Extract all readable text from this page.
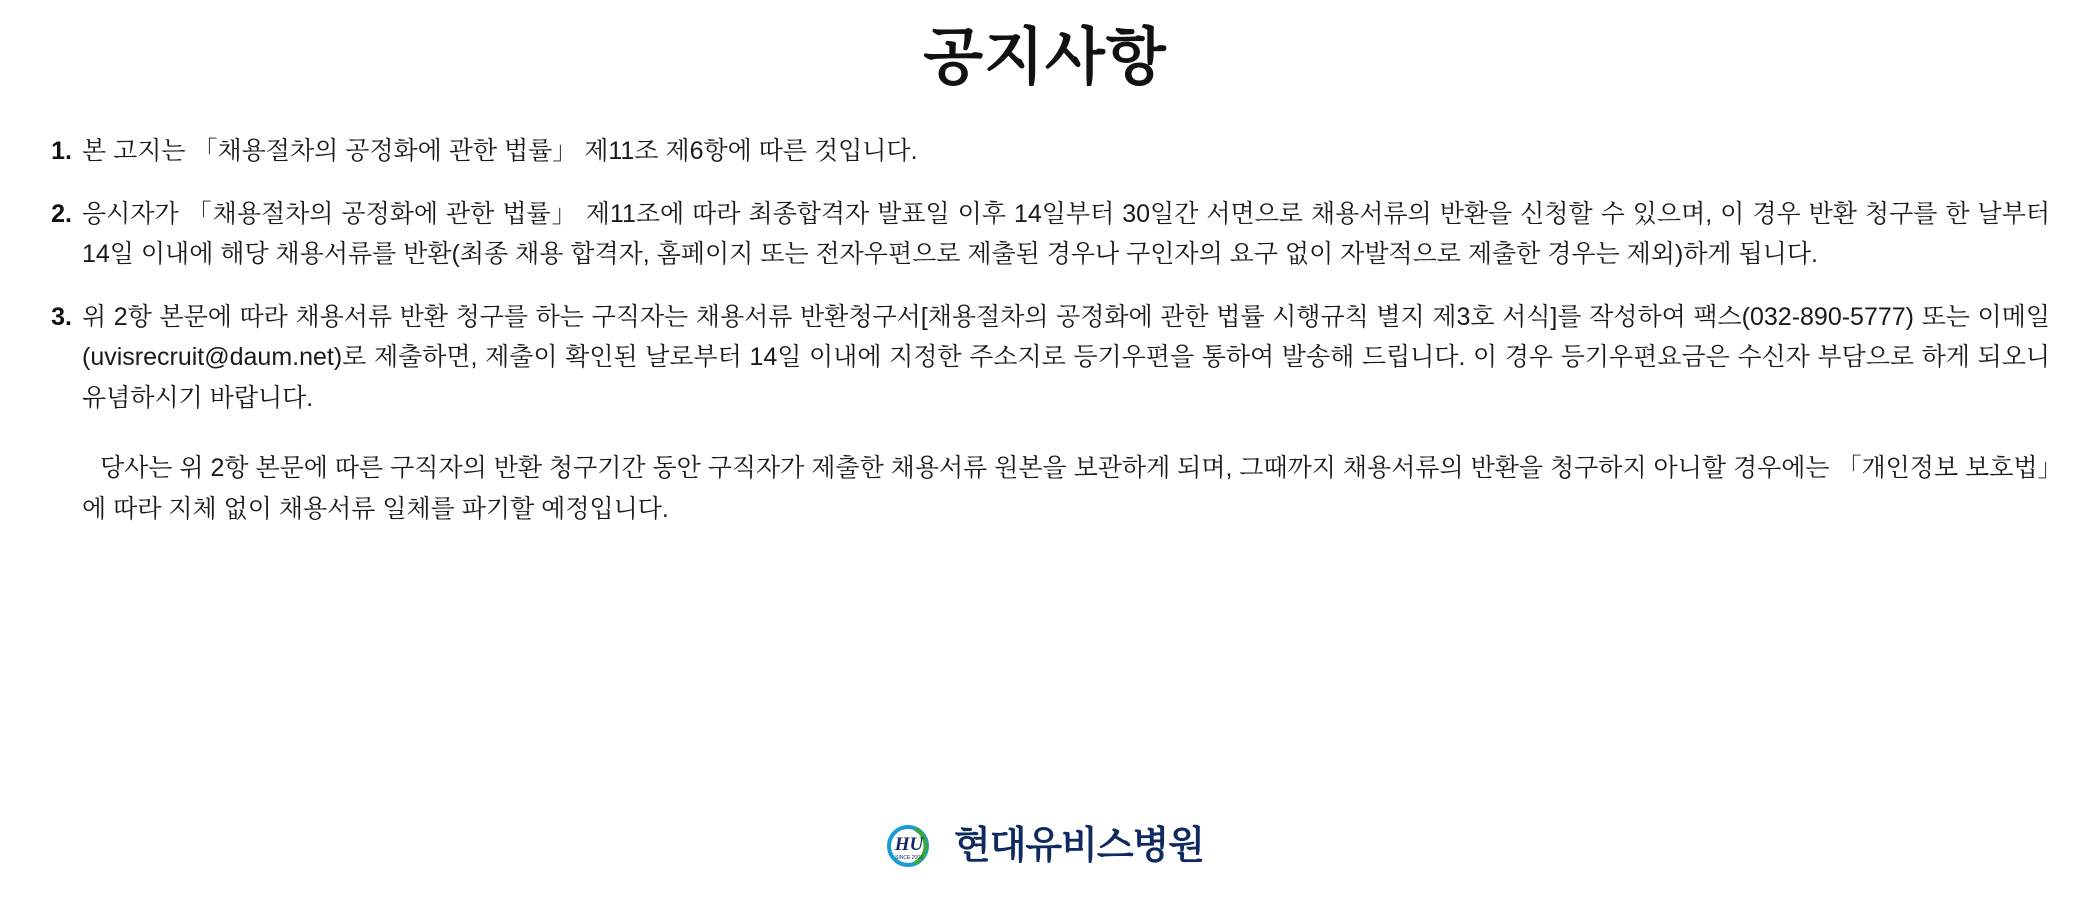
공지사항
1. 본 고지는 「채용절차의 공정화에 관한 법률」 제11조 제6항에 따른 것입니다.
2. 응시자가 「채용절차의 공정화에 관한 법률」 제11조에 따라 최종합격자 발표일 이후 14일부터 30일간 서면으로 채용서류의 반환을 신청할 수 있으며, 이 경우 반환 청구를 한 날부터 14일 이내에 해당 채용서류를 반환(최종 채용 합격자, 홈페이지 또는 전자우편으로 제출된 경우나 구인자의 요구 없이 자발적으로 제출한 경우는 제외)하게 됩니다.
3. 위 2항 본문에 따라 채용서류 반환 청구를 하는 구직자는 채용서류 반환청구서[채용절차의 공정화에 관한 법률 시행규칙 별지 제3호 서식]를 작성하여 팩스(032-890-5777) 또는 이메일(uvisrecruit@daum.net)로 제출하면, 제출이 확인된 날로부터 14일 이내에 지정한 주소지로 등기우편을 통하여 발송해 드립니다. 이 경우 등기우편요금은 수신자 부담으로 하게 되오니 유념하시기 바랍니다.
당사는 위 2항 본문에 따른 구직자의 반환 청구기간 동안 구직자가 제출한 채용서류 원본을 보관하게 되며, 그때까지 채용서류의 반환을 청구하지 아니할 경우에는 「개인정보 보호법」에 따라 지체 없이 채용서류 일체를 파기할 예정입니다.
HU
SINCE 2001 현대유비스병원
